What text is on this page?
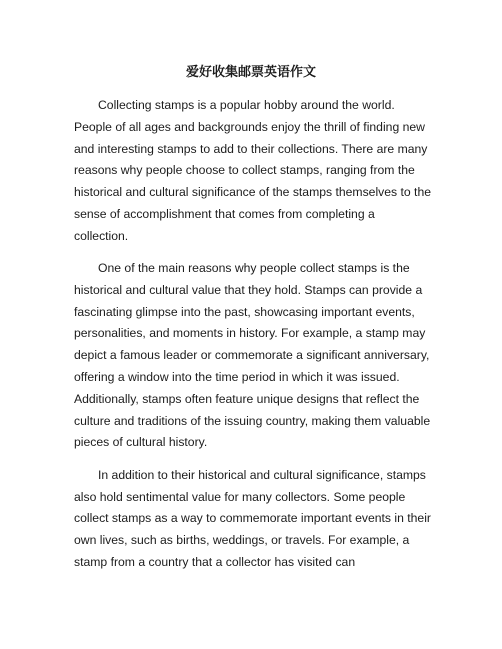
爱好收集邮票英语作文

Collecting stamps is a popular hobby around the world. People of all ages and backgrounds enjoy the thrill of finding new and interesting stamps to add to their collections. There are many reasons why people choose to collect stamps, ranging from the historical and cultural significance of the stamps themselves to the sense of accomplishment that comes from completing a collection.

One of the main reasons why people collect stamps is the historical and cultural value that they hold. Stamps can provide a fascinating glimpse into the past, showcasing important events, personalities, and moments in history. For example, a stamp may depict a famous leader or commemorate a significant anniversary, offering a window into the time period in which it was issued. Additionally, stamps often feature unique designs that reflect the culture and traditions of the issuing country, making them valuable pieces of cultural history.

In addition to their historical and cultural significance, stamps also hold sentimental value for many collectors. Some people collect stamps as a way to commemorate important events in their own lives, such as births, weddings, or travels. For example, a stamp from a country that a collector has visited can
